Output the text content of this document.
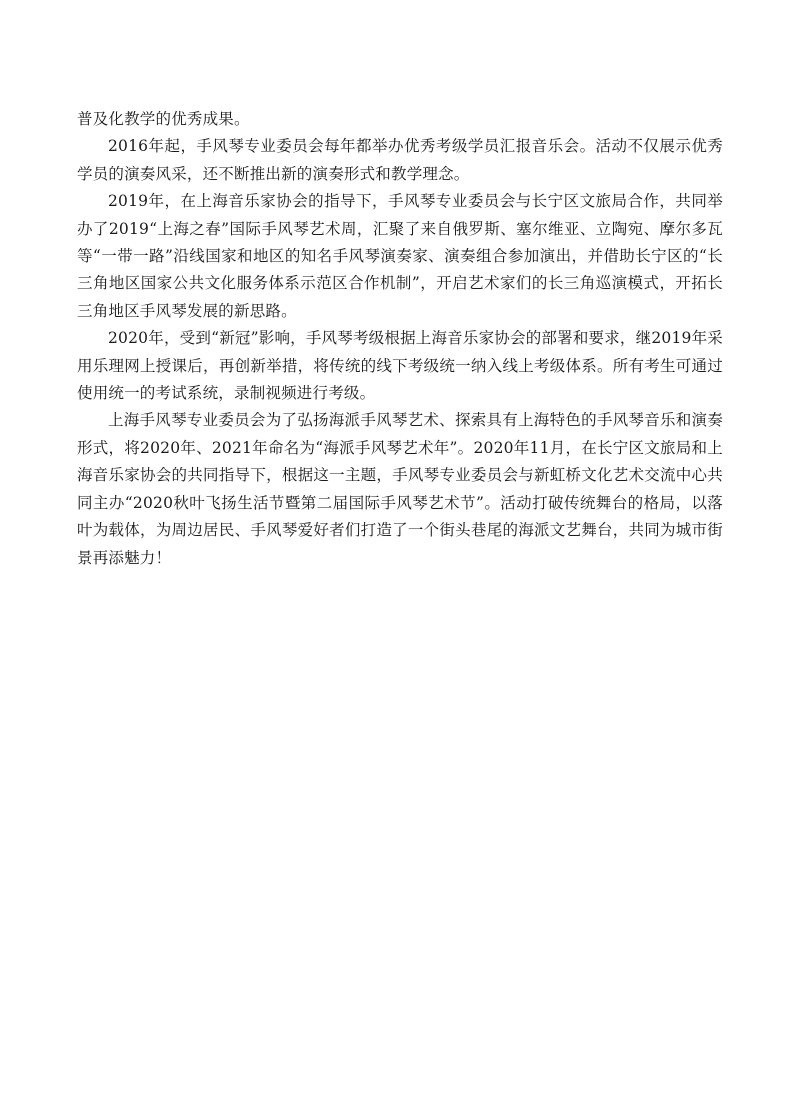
普及化教学的优秀成果。

2016年起，手风琴专业委员会每年都举办优秀考级学员汇报音乐会。活动不仅展示优秀学员的演奏风采，还不断推出新的演奏形式和教学理念。

2019年，在上海音乐家协会的指导下，手风琴专业委员会与长宁区文旅局合作，共同举办了2019“上海之春”国际手风琴艺术周，汇聚了来自俄罗斯、塞尔维亚、立陶宛、摩尔多瓦等“一带一路”沿线国家和地区的知名手风琴演奏家、演奏组合参加演出，并借助长宁区的“长三角地区国家公共文化服务体系示范区合作机制”，开启艺术家们的长三角巡演模式，开拓长三角地区手风琴发展的新思路。

2020年，受到“新冠”影响，手风琴考级根据上海音乐家协会的部署和要求，继2019年采用乐理网上授课后，再创新举措，将传统的线下考级统一纳入线上考级体系。所有考生可通过使用统一的考试系统，录制视频进行考级。

上海手风琴专业委员会为了弘扬海派手风琴艺术、探索具有上海特色的手风琴音乐和演奏形式，将2020年、2021年命名为“海派手风琴艺术年”。2020年11月，在长宁区文旅局和上海音乐家协会的共同指导下，根据这一主题，手风琴专业委员会与新虹桥文化艺术交流中心共同主办“2020秋叶飞扬生活节暨第二届国际手风琴艺术节”。活动打破传统舞台的格局，以落叶为载体，为周边居民、手风琴爱好者们打造了一个街头巷尾的海派文艺舞台，共同为城市街景再添魅力！
